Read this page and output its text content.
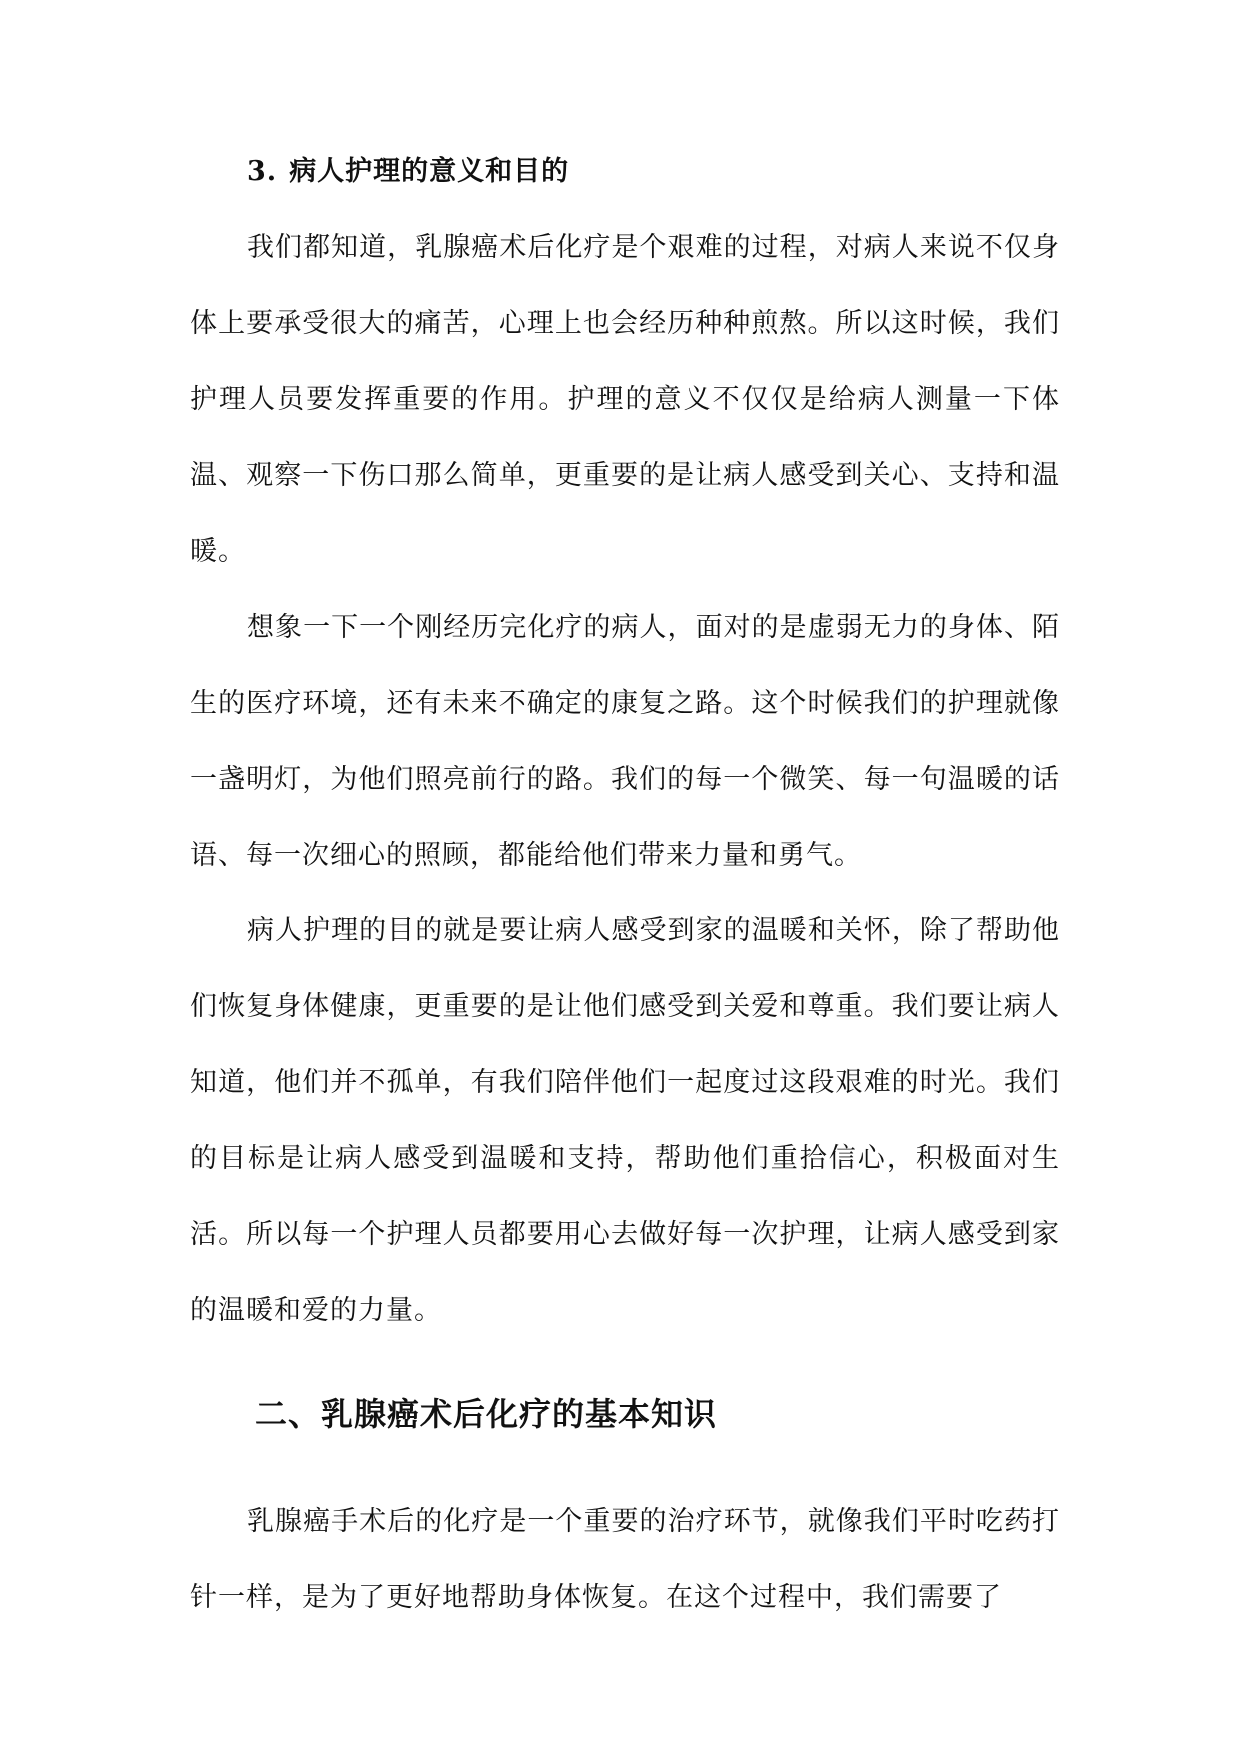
3. 病人护理的意义和目的

我们都知道，乳腺癌术后化疗是个艰难的过程，对病人来说不仅身体上要承受很大的痛苦，心理上也会经历种种煎熬。所以这时候，我们护理人员要发挥重要的作用。护理的意义不仅仅是给病人测量一下体温、观察一下伤口那么简单，更重要的是让病人感受到关心、支持和温暖。

想象一下一个刚经历完化疗的病人，面对的是虚弱无力的身体、陌生的医疗环境，还有未来不确定的康复之路。这个时候我们的护理就像一盏明灯，为他们照亮前行的路。我们的每一个微笑、每一句温暖的话语、每一次细心的照顾，都能给他们带来力量和勇气。

病人护理的目的就是要让病人感受到家的温暖和关怀，除了帮助他们恢复身体健康，更重要的是让他们感受到关爱和尊重。我们要让病人知道，他们并不孤单，有我们陪伴他们一起度过这段艰难的时光。我们的目标是让病人感受到温暖和支持，帮助他们重拾信心，积极面对生活。所以每一个护理人员都要用心去做好每一次护理，让病人感受到家的温暖和爱的力量。

二、乳腺癌术后化疗的基本知识

乳腺癌手术后的化疗是一个重要的治疗环节，就像我们平时吃药打针一样，是为了更好地帮助身体恢复。在这个过程中，我们需要了
